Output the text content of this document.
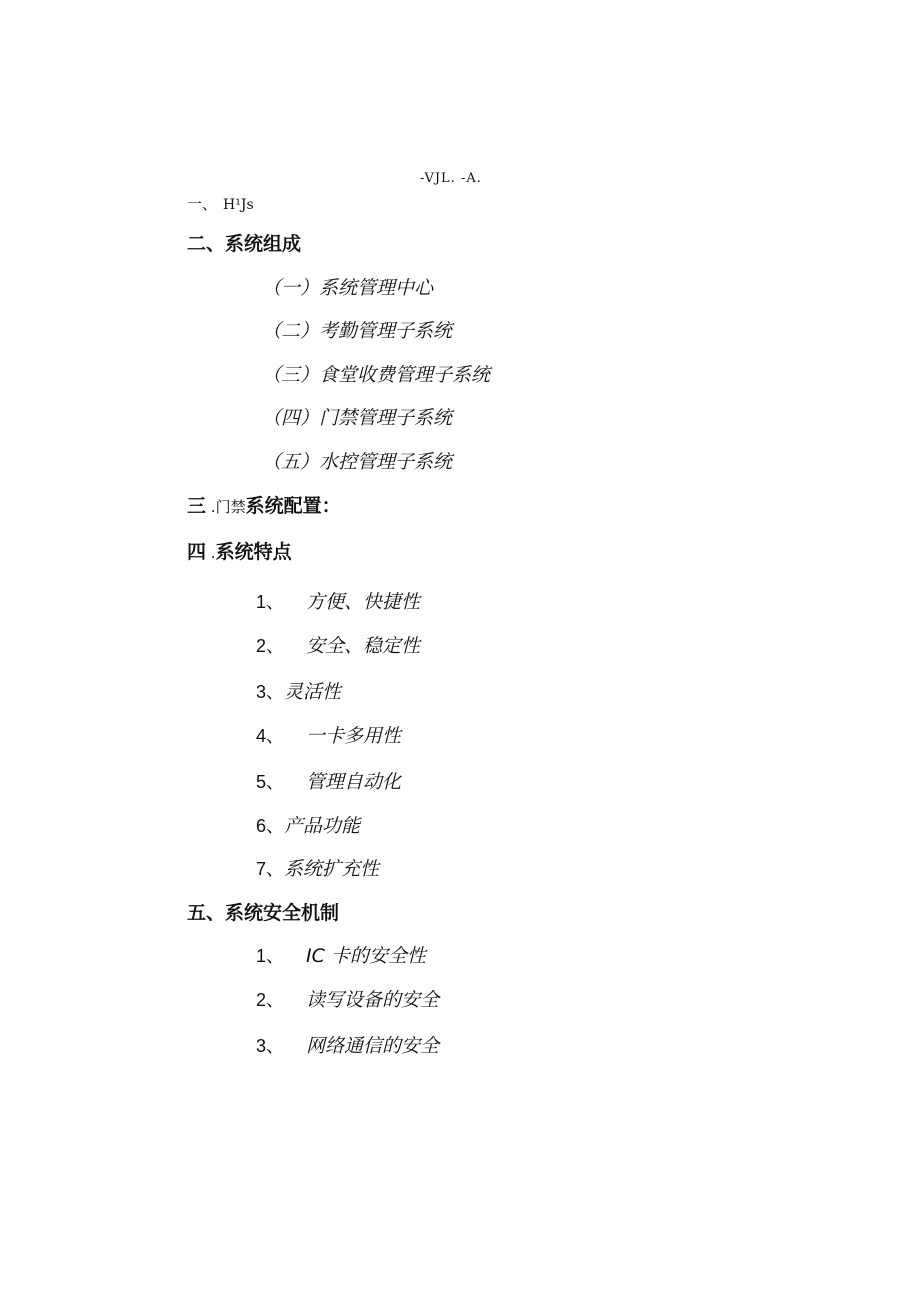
-VJL. -A.
一、 H¹Js
二、系统组成
（一）系统管理中心
（二）考勤管理子系统
（三）食堂收费管理子系统
（四）门禁管理子系统
（五）水控管理子系统
三 .门禁系统配置：
四 .系统特点
1、 方便、快捷性
2、 安全、稳定性
3、灵活性
4、 一卡多用性
5、 管理自动化
6、产品功能
7、系统扩充性
五、系统安全机制
1、 IC 卡的安全性
2、 读写设备的安全
3、 网络通信的安全
